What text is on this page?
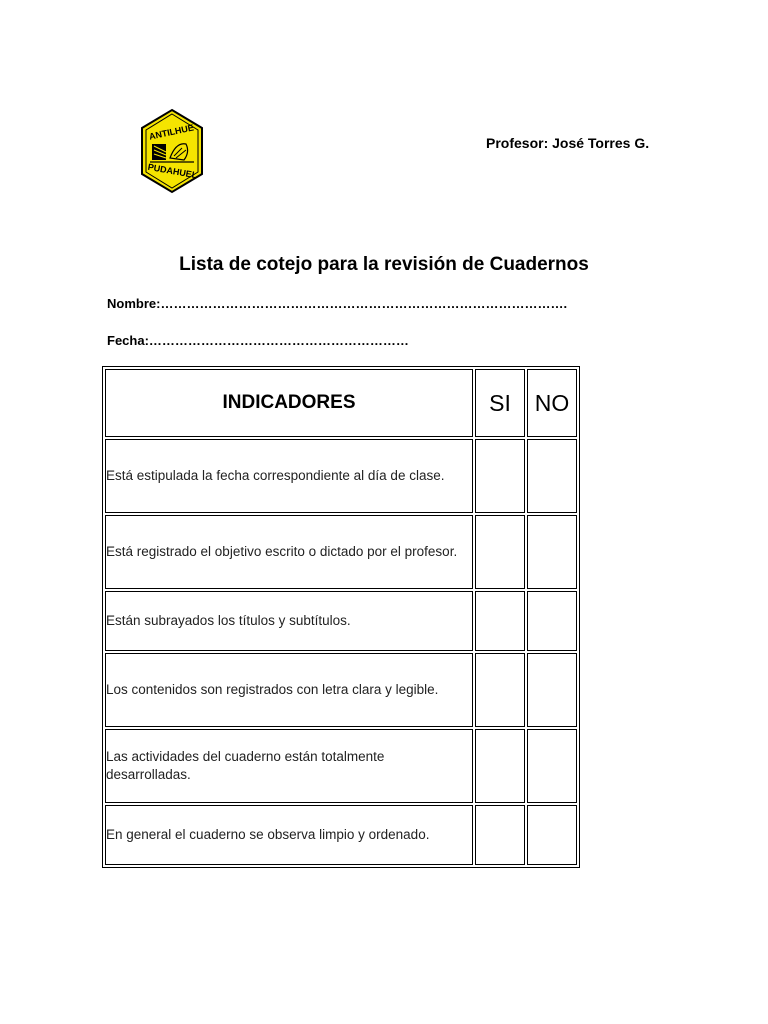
ANTILHUE
PUDAHUEL
Profesor: José Torres G.
Lista de cotejo para la revisión de Cuadernos
Nombre:………………………………………………………………………………….
Fecha:……………………………………………………
INDICADORES	SI	NO
Está estipulada la fecha correspondiente al día de clase.		
Está registrado el objetivo escrito o dictado por el profesor.		
Están subrayados los títulos y subtítulos.		
Los contenidos son registrados con letra clara y legible.		
Las actividades del cuaderno están totalmente desarrolladas.		
En general el cuaderno se observa limpio y ordenado.		
